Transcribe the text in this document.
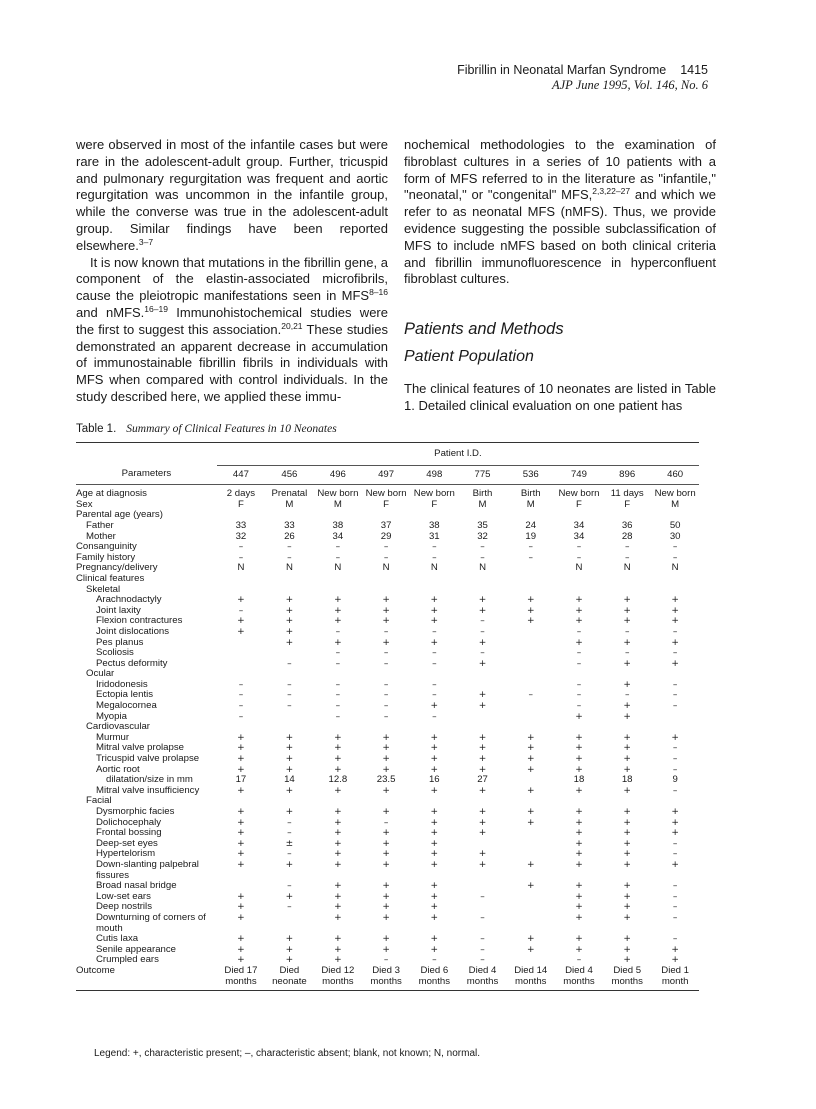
Fibrillin in Neonatal Marfan Syndrome 1415
AJP June 1995, Vol. 146, No. 6

were observed in most of the infantile cases but were rare in the adolescent-adult group. Further, tricuspid and pulmonary regurgitation was frequent and aortic regurgitation was uncommon in the infantile group, while the converse was true in the adolescent-adult group. Similar findings have been reported elsewhere.$^{3-7}$

It is now known that mutations in the fibrillin gene, a component of the elastin-associated microfibrils, cause the pleiotropic manifestations seen in MFS$^{8-16}$ and nMFS.$^{16-19}$ Immunohistochemical studies were the first to suggest this association.$^{20,21}$ These studies demonstrated an apparent decrease in accumulation of immunostainable fibrillin fibrils in individuals with MFS when compared with control individuals. In the study described here, we applied these immu-

nochemical methodologies to the examination of fibroblast cultures in a series of 10 patients with a form of MFS referred to in the literature as "infantile," "neonatal," or "congenital" MFS,$^{2,3,22-27}$ and which we refer to as neonatal MFS (nMFS). Thus, we provide evidence suggesting the possible subclassification of MFS to include nMFS based on both clinical criteria and fibrillin immunofluorescence in hyperconfluent fibroblast cultures.

Patients and Methods
Patient Population

The clinical features of 10 neonates are listed in Table 1. Detailed clinical evaluation on one patient has

Table 1. Summary of Clinical Features in 10 Neonates
	Patient I.D.									
Parameters	447	456	496	497	498	775	536	749	896	460
Age at diagnosis	2 days	Prenatal	New born	New born	New born	Birth	Birth	New born	11 days	New born
Sex	F	M	M	F	F	M	M	F	F	M
Parental age (years)										
Father	33	33	38	37	38	35	24	34	36	50
Mother	32	26	34	29	31	32	19	34	28	30
Consanguinity	–	–	–	–	–	–	–	–	–	–
Family history	–	–	–	–	–	–	–	–	–	–
Pregnancy/delivery	N	N	N	N	N	N		N	N	N
Clinical features										
Skeletal										
Arachnodactyly	+	+	+	+	+	+	+	+	+	+
Joint laxity	–	+	+	+	+	+	+	+	+	+
Flexion contractures	+	+	+	+	+	–	+	+	+	+
Joint dislocations	+	+	–	–	–	–		–	–	–
Pes planus		+	+	+	+	+		+	+	+
Scoliosis			–	–	–	–		–	–	–
Pectus deformity		–	–	–	–	+		–	+	+
Ocular										
Iridodonesis	–	–	–	–	–			–	+	–
Ectopia lentis	–	–	–	–	–	+	–	–	–	–
Megalocornea	–	–	–	–	+	+		–	+	–
Myopia	–		–	–	–			+	+	
Cardiovascular										
Murmur	+	+	+	+	+	+	+	+	+	+
Mitral valve prolapse	+	+	+	+	+	+	+	+	+	–
Tricuspid valve prolapse	+	+	+	+	+	+	+	+	+	–
Aortic root	+	+	+	+	+	+	+	+	+	–
dilatation/size in mm	17	14	12.8	23.5	16	27		18	18	9
Mitral valve insufficiency	+	+	+	+	+	+	+	+	+	–
Facial										
Dysmorphic facies	+	+	+	+	+	+	+	+	+	+
Dolichocephaly	+	–	+	–	+	+	+	+	+	+
Frontal bossing	+	–	+	+	+	+		+	+	+
Deep-set eyes	+	±	+	+	+			+	+	–
Hypertelorism	+	–	+	+	+	+		+	+	–
Down-slanting palpebral fissures	+	+	+	+	+	+	+	+	+	+
Broad nasal bridge		–	+	+	+		+	+	+	–
Low-set ears	+	+	+	+	+	–		+	+	–
Deep nostrils	+	–	+	+	+			+	+	–
Downturning of corners of mouth	+		+	+	+	–		+	+	–
Cutis laxa	+	+	+	+	+	–	+	+	+	–
Senile appearance	+	+	+	+	+	–	+	+	+	+
Crumpled ears	+	+	+	–	–	–		–	+	+
Outcome	Died 17 months	Died neonate	Died 12 months	Died 3 months	Died 6 months	Died 4 months	Died 14 months	Died 4 months	Died 5 months	Died 1 month
Legend: +, characteristic present; –, characteristic absent; blank, not known; N, normal.
